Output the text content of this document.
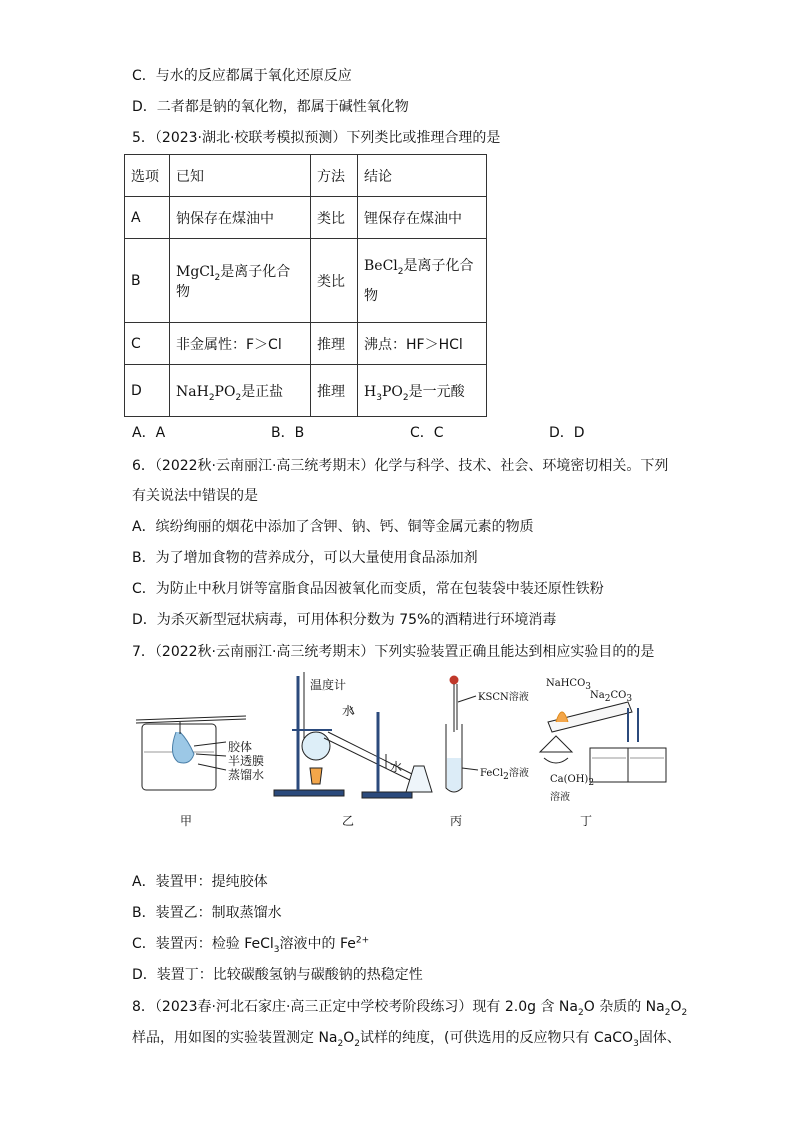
C．与水的反应都属于氧化还原反应
D．二者都是钠的氧化物，都属于碱性氧化物
5．（2023·湖北·校联考模拟预测）下列类比或推理合理的是
选项	已知	方法	结论
A	钠保存在煤油中	类比	锂保存在煤油中
B	MgCl$_2$是离子化合物	类比	BeCl$_2$是离子化合
物
C	非金属性：F＞Cl	推理	沸点：HF＞HCl
D	$NaH_2PO_2$是正盐	推理	$H_3PO_2$是一元酸
A．A	B．B	C．C	D．D
6．（2022秋·云南丽江·高三统考期末）化学与科学、技术、社会、环境密切相关。下列
有关说法中错误的是
A．缤纷绚丽的烟花中添加了含钾、钠、钙、铜等金属元素的物质
B．为了增加食物的营养成分，可以大量使用食品添加剂
C．为防止中秋月饼等富脂食品因被氧化而变质，常在包装袋中装还原性铁粉
D．为杀灭新型冠状病毒，可用体积分数为 75%的酒精进行环境消毒
7．（2022秋·云南丽江·高三统考期末）下列实验装置正确且能达到相应实验目的的是
胶体
半透膜
蒸馏水
温度计
水
水
KSCN溶液
FeCl$_2$溶液
NaHCO$_3$
$Na_2CO_3$
$Ca(OH)_2$
溶液
甲	乙	丙	丁
A．装置甲：提纯胶体
B．装置乙：制取蒸馏水
C．装置丙：检验 FeCl$_3$溶液中的 $Fe^{2+}$
D．装置丁：比较碳酸氢钠与碳酸钠的热稳定性
8．（2023春·河北石家庄·高三正定中学校考阶段练习）现有 2.0g 含 $Na_2O$ 杂质的 $Na_2O_2$
样品，用如图的实验装置测定 $Na_2O_2$试样的纯度，(可供选用的反应物只有 CaCO$_3$固体、
